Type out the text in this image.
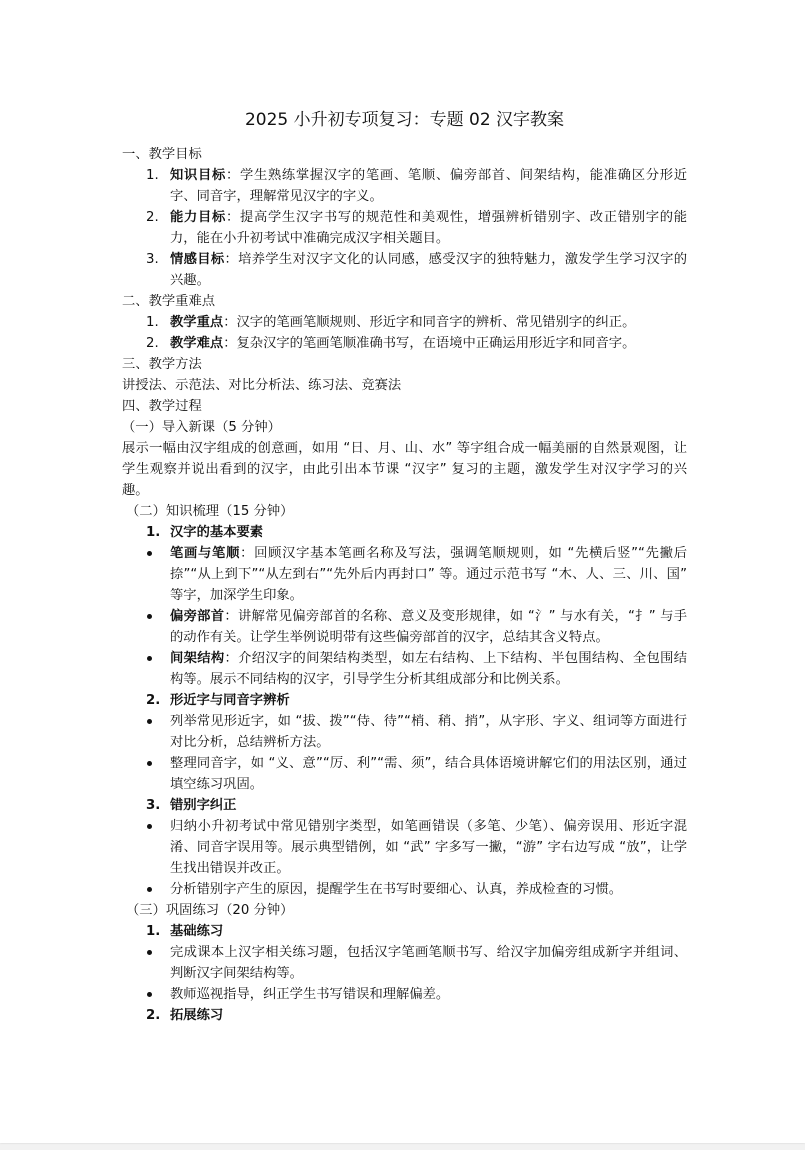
2025 小升初专项复习：专题 02 汉字教案

一、教学目标

1. 知识目标：学生熟练掌握汉字的笔画、笔顺、偏旁部首、间架结构，能准确区分形近字、同音字，理解常见汉字的字义。
2. 能力目标：提高学生汉字书写的规范性和美观性，增强辨析错别字、改正错别字的能力，能在小升初考试中准确完成汉字相关题目。
3. 情感目标：培养学生对汉字文化的认同感，感受汉字的独特魅力，激发学生学习汉字的兴趣。

二、教学重难点

1. 教学重点：汉字的笔画笔顺规则、形近字和同音字的辨析、常见错别字的纠正。
2. 教学难点：复杂汉字的笔画笔顺准确书写，在语境中正确运用形近字和同音字。

三、教学方法

讲授法、示范法、对比分析法、练习法、竞赛法

四、教学过程

（一）导入新课（5 分钟）

展示一幅由汉字组成的创意画，如用 “日、月、山、水” 等字组合成一幅美丽的自然景观图，让学生观察并说出看到的汉字，由此引出本节课 “汉字” 复习的主题，激发学生对汉字学习的兴趣。

（二）知识梳理（15 分钟）

1. 汉字的基本要素
笔画与笔顺：回顾汉字基本笔画名称及写法，强调笔顺规则，如 “先横后竖”“先撇后捺”“从上到下”“从左到右”“先外后内再封口” 等。通过示范书写 “木、人、三、川、国” 等字，加深学生印象。
偏旁部首：讲解常见偏旁部首的名称、意义及变形规律，如 “氵” 与水有关，“扌” 与手的动作有关。让学生举例说明带有这些偏旁部首的汉字，总结其含义特点。
间架结构：介绍汉字的间架结构类型，如左右结构、上下结构、半包围结构、全包围结构等。展示不同结构的汉字，引导学生分析其组成部分和比例关系。
2. 形近字与同音字辨析
列举常见形近字，如 “拔、拨”“侍、待”“梢、稍、捎”，从字形、字义、组词等方面进行对比分析，总结辨析方法。
整理同音字，如 “义、意”“厉、利”“需、须”，结合具体语境讲解它们的用法区别，通过填空练习巩固。
3. 错别字纠正
归纳小升初考试中常见错别字类型，如笔画错误（多笔、少笔）、偏旁误用、形近字混淆、同音字误用等。展示典型错例，如 “武” 字多写一撇，“游” 字右边写成 “放”，让学生找出错误并改正。
分析错别字产生的原因，提醒学生在书写时要细心、认真，养成检查的习惯。

（三）巩固练习（20 分钟）

1. 基础练习
完成课本上汉字相关练习题，包括汉字笔画笔顺书写、给汉字加偏旁组成新字并组词、判断汉字间架结构等。
教师巡视指导，纠正学生书写错误和理解偏差。
2. 拓展练习
